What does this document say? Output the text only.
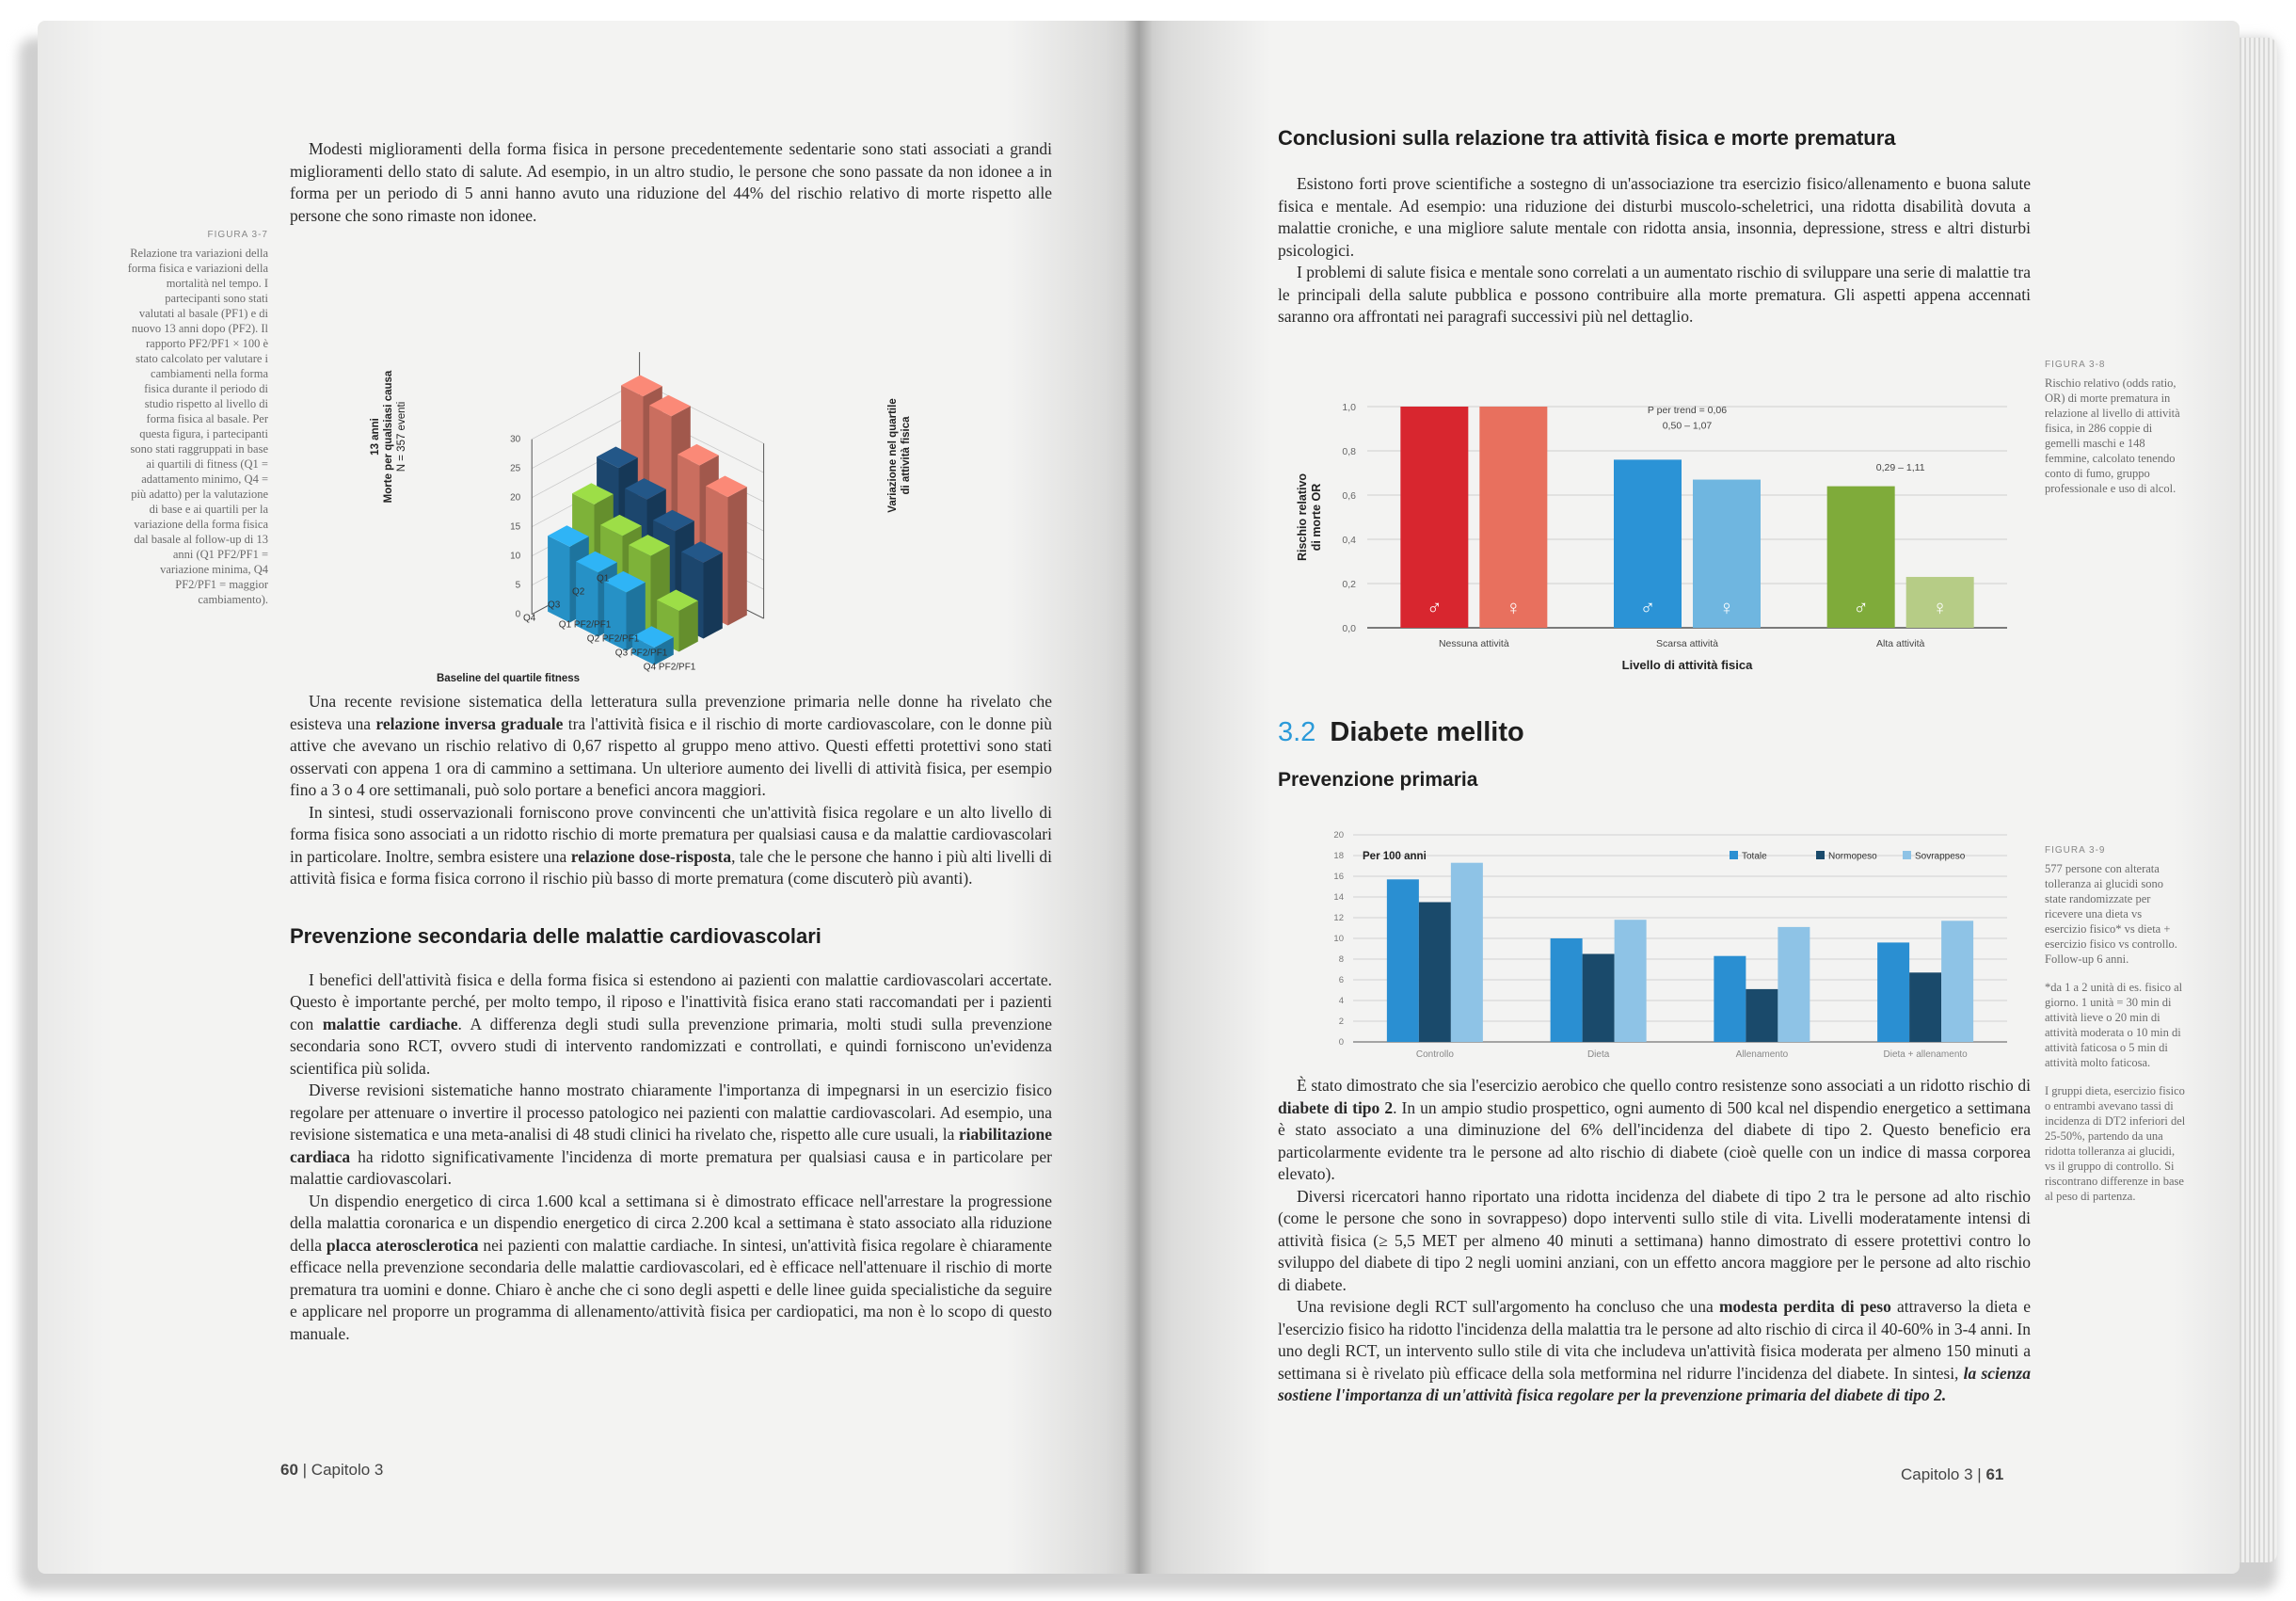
Modesti miglioramenti della forma fisica in persone precedentemente sedentarie sono stati associati a grandi miglioramenti dello stato di salute. Ad esempio, in un altro studio, le persone che sono passate da non idonee a in forma per un periodo di 5 anni hanno avuto una riduzione del 44% del rischio relativo di morte rispetto alle persone che sono rimaste non idonee.

FIGURA 3-7

Relazione tra variazioni della forma fisica e variazioni della mortalità nel tempo. I partecipanti sono stati valutati al basale (PF1) e di nuovo 13 anni dopo (PF2). Il rapporto PF2/PF1 × 100 è stato calcolato per valutare i cambiamenti nella forma fisica durante il periodo di studio rispetto al livello di forma fisica al basale. Per questa figura, i partecipanti sono stati raggruppati in base ai quartili di fitness (Q1 = adattamento minimo, Q4 = più adatto) per la valutazione di base e ai quartili per la variazione della forma fisica dal basale al follow-up di 13 anni (Q1 PF2/PF1 = variazione minima, Q4 PF2/PF1 = maggior cambiamento).

0
5
10
15
20
25
30
Q1
Q2
Q3
Q4
Q1 PF2/PF1
Q2 PF2/PF1
Q3 PF2/PF1
Q4 PF2/PF1
Baseline del quartile fitness
13 anni Morte per qualsiasi causa N = 357 eventi	Variazione nel quartile di attività fisica

Una recente revisione sistematica della letteratura sulla prevenzione primaria nelle donne ha rivelato che esisteva una relazione inversa graduale tra l'attività fisica e il rischio di morte cardiovascolare, con le donne più attive che avevano un rischio relativo di 0,67 rispetto al gruppo meno attivo. Questi effetti protettivi sono stati osservati con appena 1 ora di cammino a settimana. Un ulteriore aumento dei livelli di attività fisica, per esempio fino a 3 o 4 ore settimanali, può solo portare a benefici ancora maggiori.

In sintesi, studi osservazionali forniscono prove convincenti che un'attività fisica regolare e un alto livello di forma fisica sono associati a un ridotto rischio di morte prematura per qualsiasi causa e da malattie cardiovascolari in particolare. Inoltre, sembra esistere una relazione dose-risposta, tale che le persone che hanno i più alti livelli di attività fisica e forma fisica corrono il rischio più basso di morte prematura (come discuterò più avanti).

Prevenzione secondaria delle malattie cardiovascolari

I benefici dell'attività fisica e della forma fisica si estendono ai pazienti con malattie cardiovascolari accertate. Questo è importante perché, per molto tempo, il riposo e l'inattività fisica erano stati raccomandati per i pazienti con malattie cardiache. A differenza degli studi sulla prevenzione primaria, molti studi sulla prevenzione secondaria sono RCT, ovvero studi di intervento randomizzati e controllati, e quindi forniscono un'evidenza scientifica più solida.

Diverse revisioni sistematiche hanno mostrato chiaramente l'importanza di impegnarsi in un esercizio fisico regolare per attenuare o invertire il processo patologico nei pazienti con malattie cardiovascolari. Ad esempio, una revisione sistematica e una meta-analisi di 48 studi clinici ha rivelato che, rispetto alle cure usuali, la riabilitazione cardiaca ha ridotto significativamente l'incidenza di morte prematura per qualsiasi causa e in particolare per malattie cardiovascolari.

Un dispendio energetico di circa 1.600 kcal a settimana si è dimostrato efficace nell'arrestare la progressione della malattia coronarica e un dispendio energetico di circa 2.200 kcal a settimana è stato associato alla riduzione della placca aterosclerotica nei pazienti con malattie cardiache. In sintesi, un'attività fisica regolare è chiaramente efficace nella prevenzione secondaria delle malattie cardiovascolari, ed è efficace nell'attenuare il rischio di morte prematura tra uomini e donne. Chiaro è anche che ci sono degli aspetti e delle linee guida specialistiche da seguire e applicare nel proporre un programma di allenamento/attività fisica per cardiopatici, ma non è lo scopo di questo manuale.

60 | Capitolo 3
Conclusioni sulla relazione tra attività fisica e morte prematura

Esistono forti prove scientifiche a sostegno di un'associazione tra esercizio fisico/allenamento e buona salute fisica e mentale. Ad esempio: una riduzione dei disturbi muscolo-scheletrici, una ridotta disabilità dovuta a malattie croniche, e una migliore salute mentale con ridotta ansia, insonnia, depressione, stress e altri disturbi psicologici.

I problemi di salute fisica e mentale sono correlati a un aumentato rischio di sviluppare una serie di malattie tra le principali della salute pubblica e possono contribuire alla morte prematura. Gli aspetti appena accennati saranno ora affrontati nei paragrafi successivi più nel dettaglio.

FIGURA 3-8

Rischio relativo (odds ratio, OR) di morte prematura in relazione al livello di attività fisica, in 286 coppie di gemelli maschi e 148 femmine, calcolato tenendo conto di fumo, gruppo professionale e uso di alcol.

0,0
0,2
0,4
0,6
0,8
1,0
♂	♀
Nessuna attività
♂	♀
Scarsa attività
♂	♀
Alta attività
P per trend = 0,06
0,50 – 1,07
0,29 – 1,11
Livello di attività fisica
Rischio relativo di morte OR
3.2 Diabete mellito
Prevenzione primaria

FIGURA 3-9

577 persone con alterata tolleranza ai glucidi sono state randomizzate per ricevere una dieta vs esercizio fisico* vs dieta + esercizio fisico vs controllo. Follow-up 6 anni.

*da 1 a 2 unità di es. fisico al giorno. 1 unità = 30 min di attività lieve o 20 min di attività moderata o 10 min di attività faticosa o 5 min di attività molto faticosa.

I gruppi dieta, esercizio fisico o entrambi avevano tassi di incidenza di DT2 inferiori del 25-50%, partendo da una ridotta tolleranza ai glucidi, vs il gruppo di controllo. Si riscontrano differenze in base al peso di partenza.

0
2
4
6
8
10
12
14
16
18
20
Per 100 anni	Totale	Normopeso	Sovrappeso
Controllo	Dieta	Allenamento	Dieta + allenamento

È stato dimostrato che sia l'esercizio aerobico che quello contro resistenze sono associati a un ridotto rischio di diabete di tipo 2. In un ampio studio prospettico, ogni aumento di 500 kcal nel dispendio energetico a settimana è stato associato a una diminuzione del 6% dell'incidenza del diabete di tipo 2. Questo beneficio era particolarmente evidente tra le persone ad alto rischio di diabete (cioè quelle con un indice di massa corporea elevato).

Diversi ricercatori hanno riportato una ridotta incidenza del diabete di tipo 2 tra le persone ad alto rischio (come le persone che sono in sovrappeso) dopo interventi sullo stile di vita. Livelli moderatamente intensi di attività fisica (≥ 5,5 MET per almeno 40 minuti a settimana) hanno dimostrato di essere protettivi contro lo sviluppo del diabete di tipo 2 negli uomini anziani, con un effetto ancora maggiore per le persone ad alto rischio di diabete.

Una revisione degli RCT sull'argomento ha concluso che una modesta perdita di peso attraverso la dieta e l'esercizio fisico ha ridotto l'incidenza della malattia tra le persone ad alto rischio di circa il 40-60% in 3-4 anni. In uno degli RCT, un intervento sullo stile di vita che includeva un'attività fisica moderata per almeno 150 minuti a settimana si è rivelato più efficace della sola metformina nel ridurre l'incidenza del diabete. In sintesi, la scienza sostiene l'importanza di un'attività fisica regolare per la prevenzione primaria del diabete di tipo 2.

Capitolo 3 | 61
